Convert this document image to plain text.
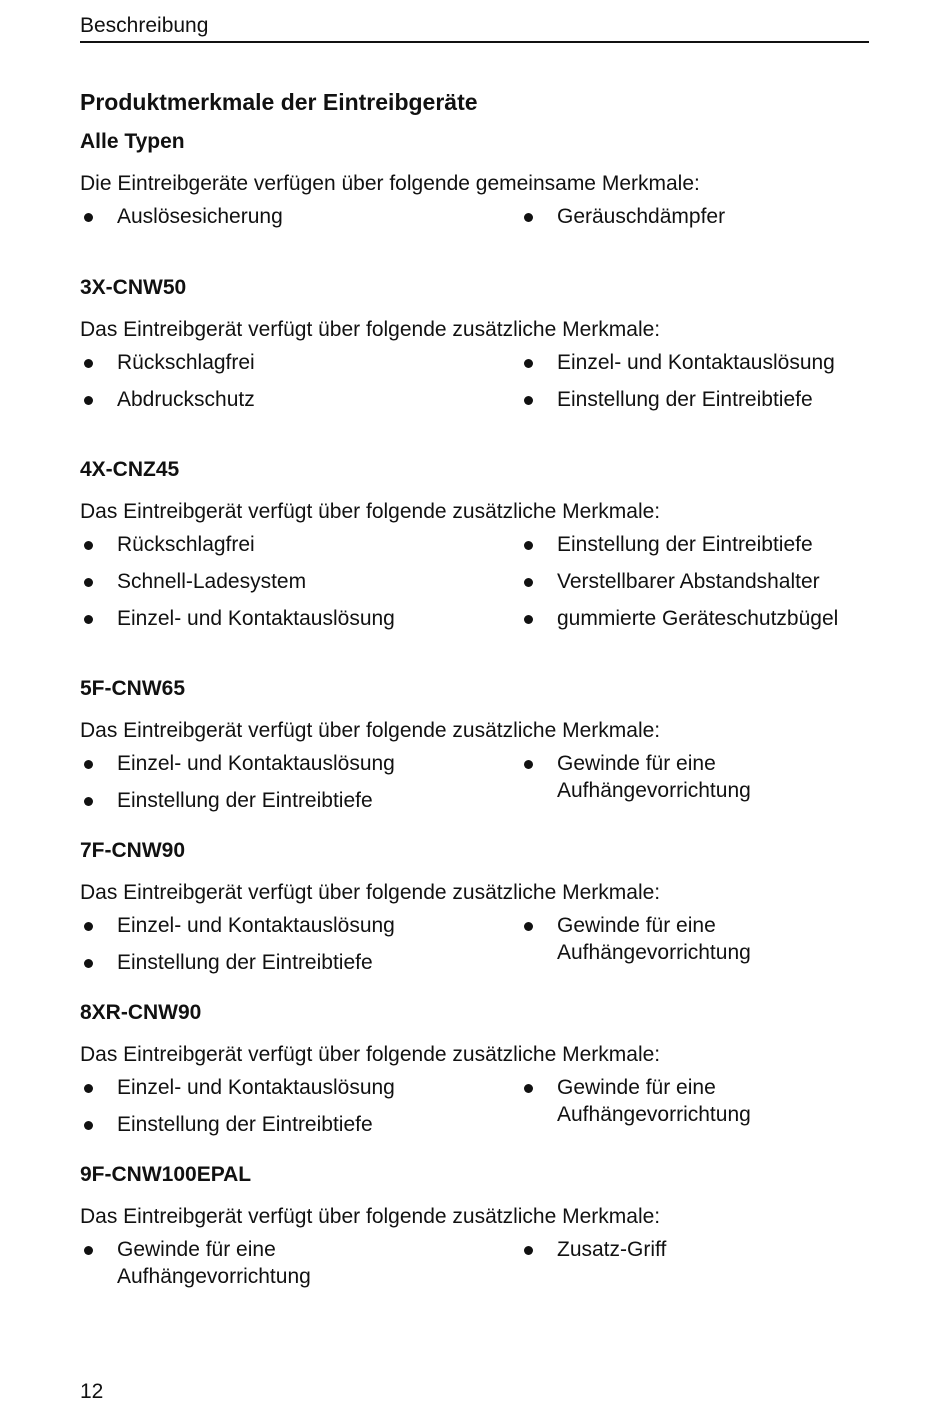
Beschreibung
Produktmerkmale der Eintreibgeräte
Alle Typen

Die Eintreibgeräte verfügen über folgende gemeinsame Merkmale:

Auslösesicherung	Geräuschdämpfer
3X-CNW50

Das Eintreibgerät verfügt über folgende zusätzliche Merkmale:

Rückschlagfrei	Einzel- und Kontaktauslösung
Abdruckschutz	Einstellung der Eintreibtiefe
4X-CNZ45

Das Eintreibgerät verfügt über folgende zusätzliche Merkmale:

Rückschlagfrei	Einstellung der Eintreibtiefe
Schnell-Ladesystem	Verstellbarer Abstandshalter
Einzel- und Kontaktauslösung	gummierte Geräteschutzbügel
5F-CNW65

Das Eintreibgerät verfügt über folgende zusätzliche Merkmale:

Einzel- und Kontaktauslösung
Einstellung der Eintreibtiefe
Gewinde für eine Aufhängevorrichtung
7F-CNW90

Das Eintreibgerät verfügt über folgende zusätzliche Merkmale:

Einzel- und Kontaktauslösung
Einstellung der Eintreibtiefe
Gewinde für eine Aufhängevorrichtung
8XR-CNW90

Das Eintreibgerät verfügt über folgende zusätzliche Merkmale:

Einzel- und Kontaktauslösung
Einstellung der Eintreibtiefe
Gewinde für eine Aufhängevorrichtung
9F-CNW100EPAL

Das Eintreibgerät verfügt über folgende zusätzliche Merkmale:

Gewinde für eine Aufhängevorrichtung
Zusatz-Griff
12
